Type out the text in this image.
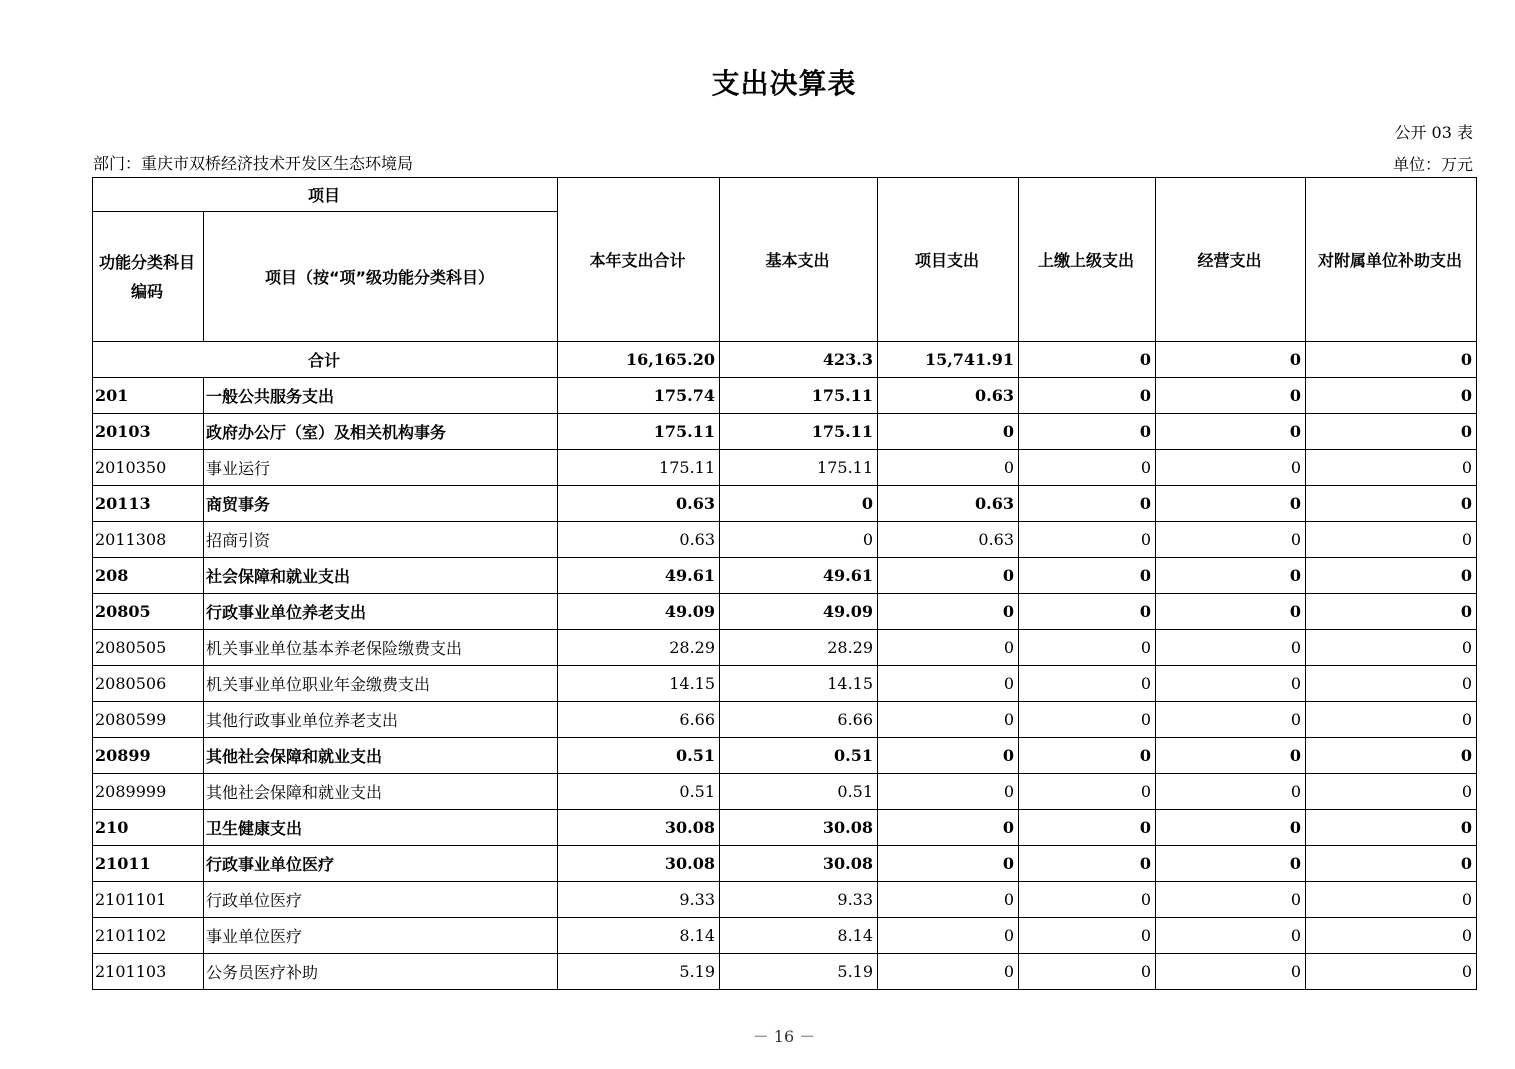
支出决算表
公开 03 表
部门：重庆市双桥经济技术开发区生态环境局	单位：万元
项目		本年支出合计	基本支出	项目支出	上缴上级支出	经营支出	对附属单位补助支出
功能分类科目编码	项目（按“项”级功能分类科目）						
合计		16,165.20	423.3	15,741.91	0	0	0
201	一般公共服务支出	175.74	175.11	0.63	0	0	0
20103	政府办公厅（室）及相关机构事务	175.11	175.11	0	0	0	0
2010350	事业运行	175.11	175.11	0	0	0	0
20113	商贸事务	0.63	0	0.63	0	0	0
2011308	招商引资	0.63	0	0.63	0	0	0
208	社会保障和就业支出	49.61	49.61	0	0	0	0
20805	行政事业单位养老支出	49.09	49.09	0	0	0	0
2080505	机关事业单位基本养老保险缴费支出	28.29	28.29	0	0	0	0
2080506	机关事业单位职业年金缴费支出	14.15	14.15	0	0	0	0
2080599	其他行政事业单位养老支出	6.66	6.66	0	0	0	0
20899	其他社会保障和就业支出	0.51	0.51	0	0	0	0
2089999	其他社会保障和就业支出	0.51	0.51	0	0	0	0
210	卫生健康支出	30.08	30.08	0	0	0	0
21011	行政事业单位医疗	30.08	30.08	0	0	0	0
2101101	行政单位医疗	9.33	9.33	0	0	0	0
2101102	事业单位医疗	8.14	8.14	0	0	0	0
2101103	公务员医疗补助	5.19	5.19	0	0	0	0
－ 16 －
